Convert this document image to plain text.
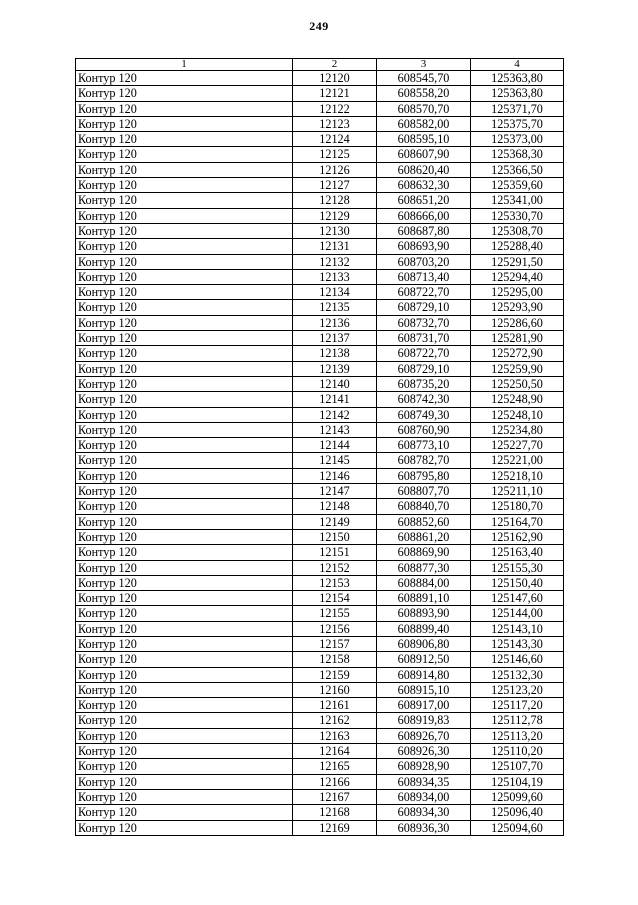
249
1	2	3	4
Контур 120	12120	608545,70	125363,80
Контур 120	12121	608558,20	125363,80
Контур 120	12122	608570,70	125371,70
Контур 120	12123	608582,00	125375,70
Контур 120	12124	608595,10	125373,00
Контур 120	12125	608607,90	125368,30
Контур 120	12126	608620,40	125366,50
Контур 120	12127	608632,30	125359,60
Контур 120	12128	608651,20	125341,00
Контур 120	12129	608666,00	125330,70
Контур 120	12130	608687,80	125308,70
Контур 120	12131	608693,90	125288,40
Контур 120	12132	608703,20	125291,50
Контур 120	12133	608713,40	125294,40
Контур 120	12134	608722,70	125295,00
Контур 120	12135	608729,10	125293,90
Контур 120	12136	608732,70	125286,60
Контур 120	12137	608731,70	125281,90
Контур 120	12138	608722,70	125272,90
Контур 120	12139	608729,10	125259,90
Контур 120	12140	608735,20	125250,50
Контур 120	12141	608742,30	125248,90
Контур 120	12142	608749,30	125248,10
Контур 120	12143	608760,90	125234,80
Контур 120	12144	608773,10	125227,70
Контур 120	12145	608782,70	125221,00
Контур 120	12146	608795,80	125218,10
Контур 120	12147	608807,70	125211,10
Контур 120	12148	608840,70	125180,70
Контур 120	12149	608852,60	125164,70
Контур 120	12150	608861,20	125162,90
Контур 120	12151	608869,90	125163,40
Контур 120	12152	608877,30	125155,30
Контур 120	12153	608884,00	125150,40
Контур 120	12154	608891,10	125147,60
Контур 120	12155	608893,90	125144,00
Контур 120	12156	608899,40	125143,10
Контур 120	12157	608906,80	125143,30
Контур 120	12158	608912,50	125146,60
Контур 120	12159	608914,80	125132,30
Контур 120	12160	608915,10	125123,20
Контур 120	12161	608917,00	125117,20
Контур 120	12162	608919,83	125112,78
Контур 120	12163	608926,70	125113,20
Контур 120	12164	608926,30	125110,20
Контур 120	12165	608928,90	125107,70
Контур 120	12166	608934,35	125104,19
Контур 120	12167	608934,00	125099,60
Контур 120	12168	608934,30	125096,40
Контур 120	12169	608936,30	125094,60
